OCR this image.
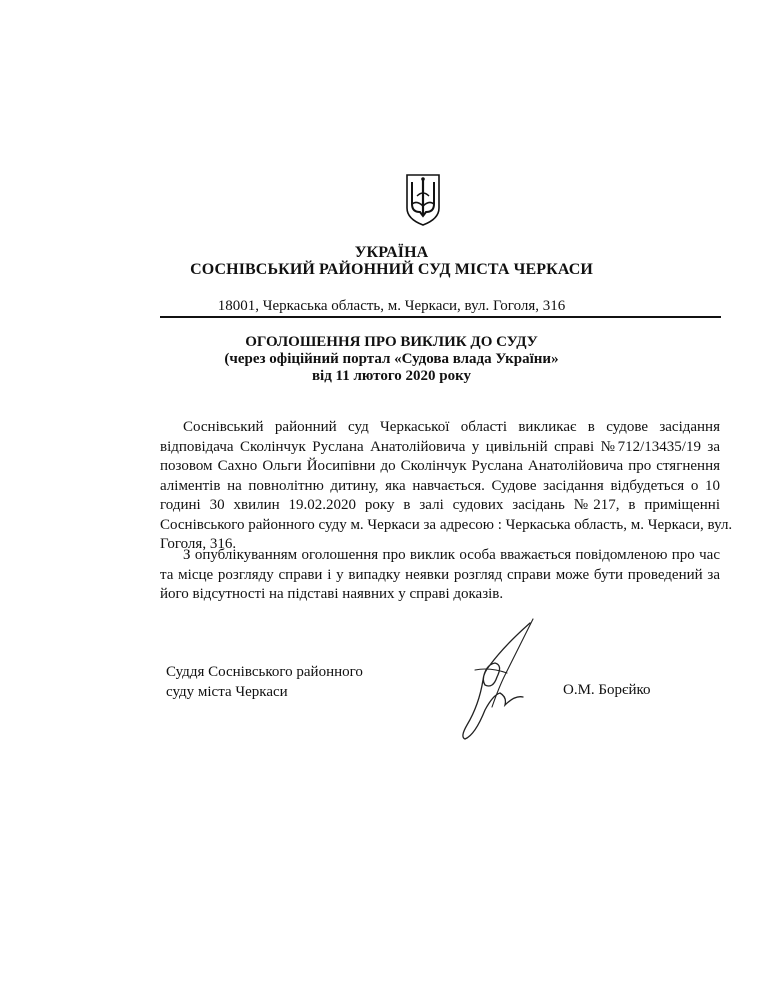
УКРАЇНА

СОСНІВСЬКИЙ РАЙОННИЙ СУД МІСТА ЧЕРКАСИ

18001, Черкаська область, м. Черкаси, вул. Гоголя, 316

ОГОЛОШЕННЯ ПРО ВИКЛИК ДО СУДУ

(через офіційний портал «Судова влада України»

від 11 лютого 2020 року

Соснівський районний суд Черкаської області викликає в судове засідання
відповідача Сколінчук Руслана Анатолійовича у цивільній справі №712/13435/19 за
позовом Сахно Ольги Йосипівни до Сколінчук Руслана Анатолійовича про стягнення
аліментів на повнолітню дитину, яка навчається. Судове засідання відбудеться о 10
годині 30 хвилин 19.02.2020 року в залі судових засідань №217, в приміщенні
Соснівського районного суду м. Черкаси за адресою : Черкаська область, м. Черкаси, вул.
Гоголя, 316.
З опублікуванням оголошення про виклик особа вважається повідомленою про час
та місце розгляду справи і у випадку неявки розгляд справи може бути проведений за
його відсутності на підставі наявних у справі доказів.
Суддя Соснівського районного
суду міста Черкаси	О.М. Борєйко
